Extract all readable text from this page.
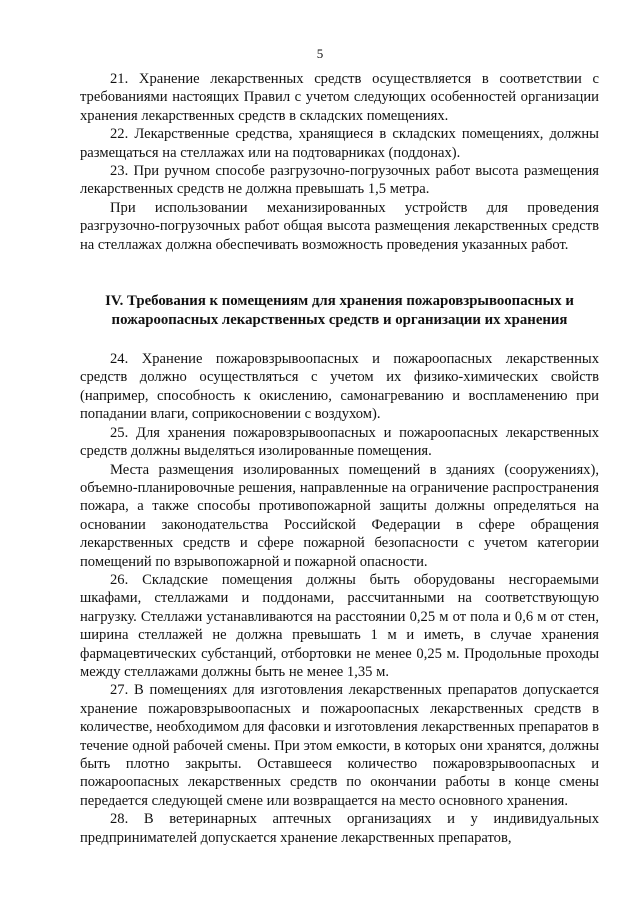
5

21. Хранение лекарственных средств осуществляется в соответствии с требованиями настоящих Правил с учетом следующих особенностей организации хранения лекарственных средств в складских помещениях.

22. Лекарственные средства, хранящиеся в складских помещениях, должны размещаться на стеллажах или на подтоварниках (поддонах).

23. При ручном способе разгрузочно-погрузочных работ высота размещения лекарственных средств не должна превышать 1,5 метра.

При использовании механизированных устройств для проведения разгрузочно-погрузочных работ общая высота размещения лекарственных средств на стеллажах должна обеспечивать возможность проведения указанных работ.

IV. Требования к помещениям для хранения пожаровзрывоопасных и
пожароопасных лекарственных средств и организации их хранения

24. Хранение пожаровзрывоопасных и пожароопасных лекарственных средств должно осуществляться с учетом их физико-химических свойств (например, способность к окислению, самонагреванию и воспламенению при попадании влаги, соприкосновении с воздухом).

25. Для хранения пожаровзрывоопасных и пожароопасных лекарственных средств должны выделяться изолированные помещения.

Места размещения изолированных помещений в зданиях (сооружениях), объемно-планировочные решения, направленные на ограничение распространения пожара, а также способы противопожарной защиты должны определяться на основании законодательства Российской Федерации в сфере обращения лекарственных средств и сфере пожарной безопасности с учетом категории помещений по взрывопожарной и пожарной опасности.

26. Складские помещения должны быть оборудованы несгораемыми шкафами, стеллажами и поддонами, рассчитанными на соответствующую нагрузку. Стеллажи устанавливаются на расстоянии 0,25 м от пола и 0,6 м от стен, ширина стеллажей не должна превышать 1 м и иметь, в случае хранения фармацевтических субстанций, отбортовки не менее 0,25 м. Продольные проходы между стеллажами должны быть не менее 1,35 м.

27. В помещениях для изготовления лекарственных препаратов допускается хранение пожаровзрывоопасных и пожароопасных лекарственных средств в количестве, необходимом для фасовки и изготовления лекарственных препаратов в течение одной рабочей смены. При этом емкости, в которых они хранятся, должны быть плотно закрыты. Оставшееся количество пожаровзрывоопасных и пожароопасных лекарственных средств по окончании работы в конце смены передается следующей смене или возвращается на место основного хранения.

28. В ветеринарных аптечных организациях и у индивидуальных предпринимателей допускается хранение лекарственных препаратов,
